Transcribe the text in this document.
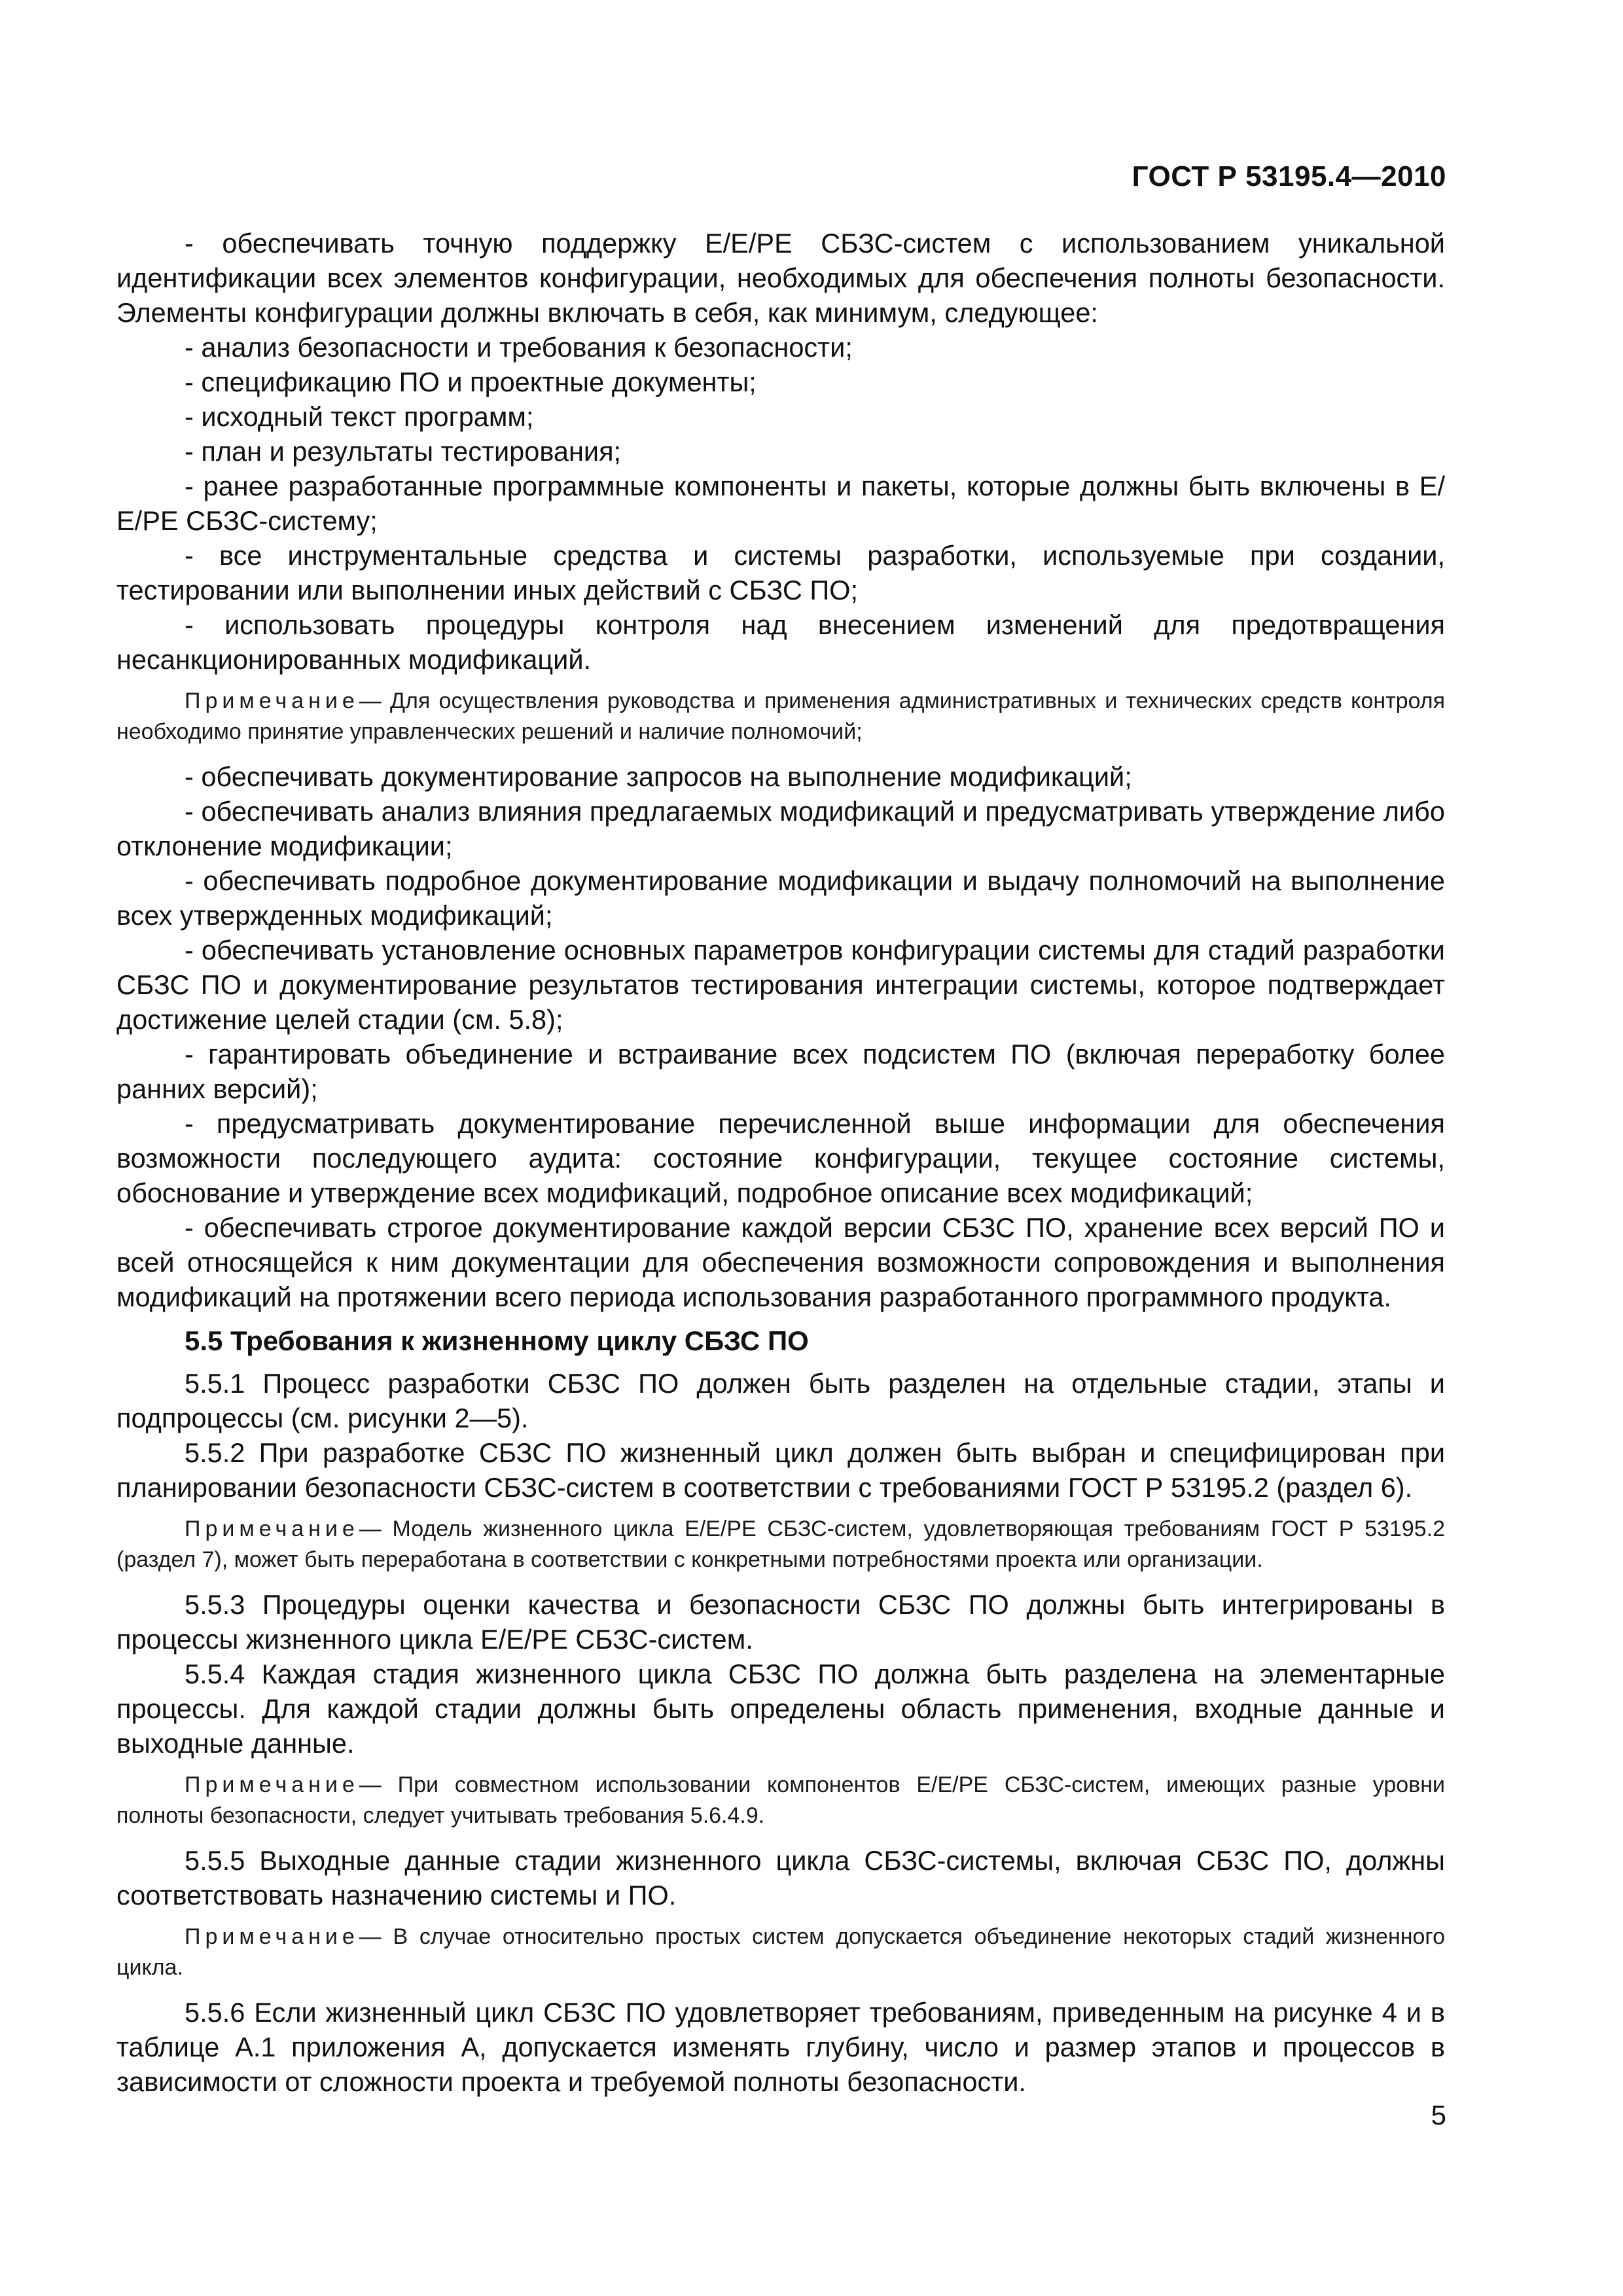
ГОСТ Р 53195.4—2010

- обеспечивать точную поддержку Е/Е/РЕ СБЗС-систем с использованием уникальной идентификации всех элементов конфигурации, необходимых для обеспечения полноты безопасности. Элементы конфигурации должны включать в себя, как минимум, следующее:

- анализ безопасности и требования к безопасности;

- спецификацию ПО и проектные документы;

- исходный текст программ;

- план и результаты тестирования;

- ранее разработанные программные компоненты и пакеты, которые должны быть включены в Е/Е/РЕ СБЗС-систему;

- все инструментальные средства и системы разработки, используемые при создании, тестировании или выполнении иных действий с СБЗС ПО;

- использовать процедуры контроля над внесением изменений для предотвращения несанкционированных модификаций.

Примечание— Для осуществления руководства и применения административных и технических средств контроля необходимо принятие управленческих решений и наличие полномочий;

- обеспечивать документирование запросов на выполнение модификаций;

- обеспечивать анализ влияния предлагаемых модификаций и предусматривать утверждение либо отклонение модификации;

- обеспечивать подробное документирование модификации и выдачу полномочий на выполнение всех утвержденных модификаций;

- обеспечивать установление основных параметров конфигурации системы для стадий разработки СБЗС ПО и документирование результатов тестирования интеграции системы, которое подтверждает достижение целей стадии (см. 5.8);

- гарантировать объединение и встраивание всех подсистем ПО (включая переработку более ранних версий);

- предусматривать документирование перечисленной выше информации для обеспечения возможности последующего аудита: состояние конфигурации, текущее состояние системы, обоснование и утверждение всех модификаций, подробное описание всех модификаций;

- обеспечивать строгое документирование каждой версии СБЗС ПО, хранение всех версий ПО и всей относящейся к ним документации для обеспечения возможности сопровождения и выполнения модификаций на протяжении всего периода использования разработанного программного продукта.

5.5 Требования к жизненному циклу СБЗС ПО

5.5.1 Процесс разработки СБЗС ПО должен быть разделен на отдельные стадии, этапы и подпроцессы (см. рисунки 2—5).

5.5.2 При разработке СБЗС ПО жизненный цикл должен быть выбран и специфицирован при планировании безопасности СБЗС-систем в соответствии с требованиями ГОСТ Р 53195.2 (раздел 6).

Примечание— Модель жизненного цикла Е/Е/РЕ СБЗС-систем, удовлетворяющая требованиям ГОСТ Р 53195.2 (раздел 7), может быть переработана в соответствии с конкретными потребностями проекта или организации.

5.5.3 Процедуры оценки качества и безопасности СБЗС ПО должны быть интегрированы в процессы жизненного цикла Е/Е/РЕ СБЗС-систем.

5.5.4 Каждая стадия жизненного цикла СБЗС ПО должна быть разделена на элементарные процессы. Для каждой стадии должны быть определены область применения, входные данные и выходные данные.

Примечание— При совместном использовании компонентов Е/Е/РЕ СБЗС-систем, имеющих разные уровни полноты безопасности, следует учитывать требования 5.6.4.9.

5.5.5 Выходные данные стадии жизненного цикла СБЗС-системы, включая СБЗС ПО, должны соответствовать назначению системы и ПО.

Примечание— В случае относительно простых систем допускается объединение некоторых стадий жизненного цикла.

5.5.6 Если жизненный цикл СБЗС ПО удовлетворяет требованиям, приведенным на рисунке 4 и в таблице А.1 приложения А, допускается изменять глубину, число и размер этапов и процессов в зависимости от сложности проекта и требуемой полноты безопасности.

5
